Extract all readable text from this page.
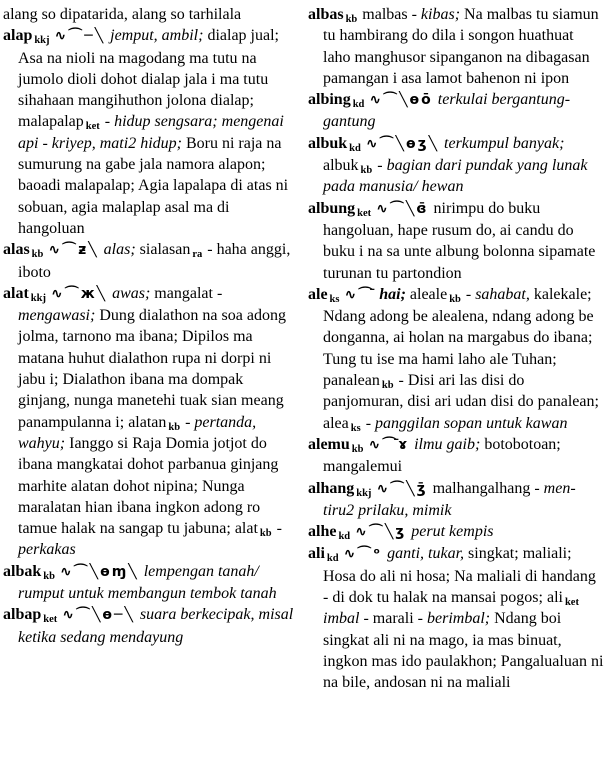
alang so dipatarida, alang so tarhilala

alap $_{kkj}$ ∿⌒─╲ jemput, ambil; dialap jual; Asa na nioli na magodang ma tutu na jumolo dioli dohot dialap jala i ma tutu sihahaan mangihuthon jolona dialap; malapalap $_{ket}$ - hidup sengsara; mengenai api - kriyep, mati2 hidup; Boru ni raja na sumurung na gabe jala namora alapon; baoadi malapalap; Agia lapalapa di atas ni sobuan, agia malaplap asal ma di hangoluan

alas $_{kb}$ ∿⌒ƶ╲ alas; sialasan $_{ra}$ - haha anggi, iboto

alat $_{kkj}$ ∿⌒ж╲ awas; mangalat - mengawasi; Dung dialathon na soa adong jolma, tarnono ma ibana; Dipilos ma matana huhut dialathon rupa ni dorpi ni jabu i; Dialathon ibana ma dompak ginjang, nunga manetehi tuak sian meang panampulanna i; alatan $_{kb}$ - pertanda, wahyu; Ianggo si Raja Domia jotjot do ibana mangkatai dohot parbanua ginjang marhite alatan dohot nipina; Nunga maralatan hian ibana ingkon adong ro tamue halak na sangap tu jabuna; alat $_{kb}$ - perkakas

albak $_{kb}$ ∿⌒╲ɵɱ╲ lempengan tanah/ rumput untuk membangun tembok tanah

albap $_{ket}$ ∿⌒╲ɵ─╲ suara berkecipak, misal ketika sedang mendayung

albas $_{kb}$ malbas - kibas; Na malbas tu siamun tu hambirang do dila i songon huathuat laho manghusor sipanganon na dibagasan pamangan i asa lamot bahenon ni ipon

albing $_{kd}$ ∿⌒╲ɵō terkulai bergantung-gantung

albuk $_{kd}$ ∿⌒╲ɵʒ╲ terkumpul banyak; albuk $_{kb}$ - bagian dari pundak yang lunak pada manusia/ hewan

albung $_{ket}$ ∿⌒╲ɞ̄ nirimpu do buku hangoluan, hape rusum do, ai candu do buku i na sa unte albung bolonna sipamate turunan tu partondion

ale $_{ks}$ ∿⌒̄ hai; aleale $_{kb}$ - sahabat, kalekale; Ndang adong be alealena, ndang adong be donganna, ai holan na margabus do ibana; Tung tu ise ma hami laho ale Tuhan; panalean $_{kb}$ - Disi ari las disi do panjomuran, disi ari udan disi do panalean; alea $_{ks}$ - panggilan sopan untuk kawan

alemu $_{kb}$ ∿⌒̄ɤ ilmu gaib; botobotoan; mangalemui

alhang $_{kkj}$ ∿⌒╲ʒ̄ malhangalhang - men-tiru2 prilaku, mimik

alhe $_{kd}$ ∿⌒╲ʒ perut kempis

ali $_{kd}$ ∿⌒ᵒ ganti, tukar, singkat; maliali; Hosa do ali ni hosa; Na maliali di handang - di dok tu halak na mansai pogos; ali $_{ket}$ imbal - marali - berimbal; Ndang boi singkat ali ni na mago, ia mas binuat, ingkon mas ido paulakhon; Pangalualuan ni na bile, andosan ni na maliali
